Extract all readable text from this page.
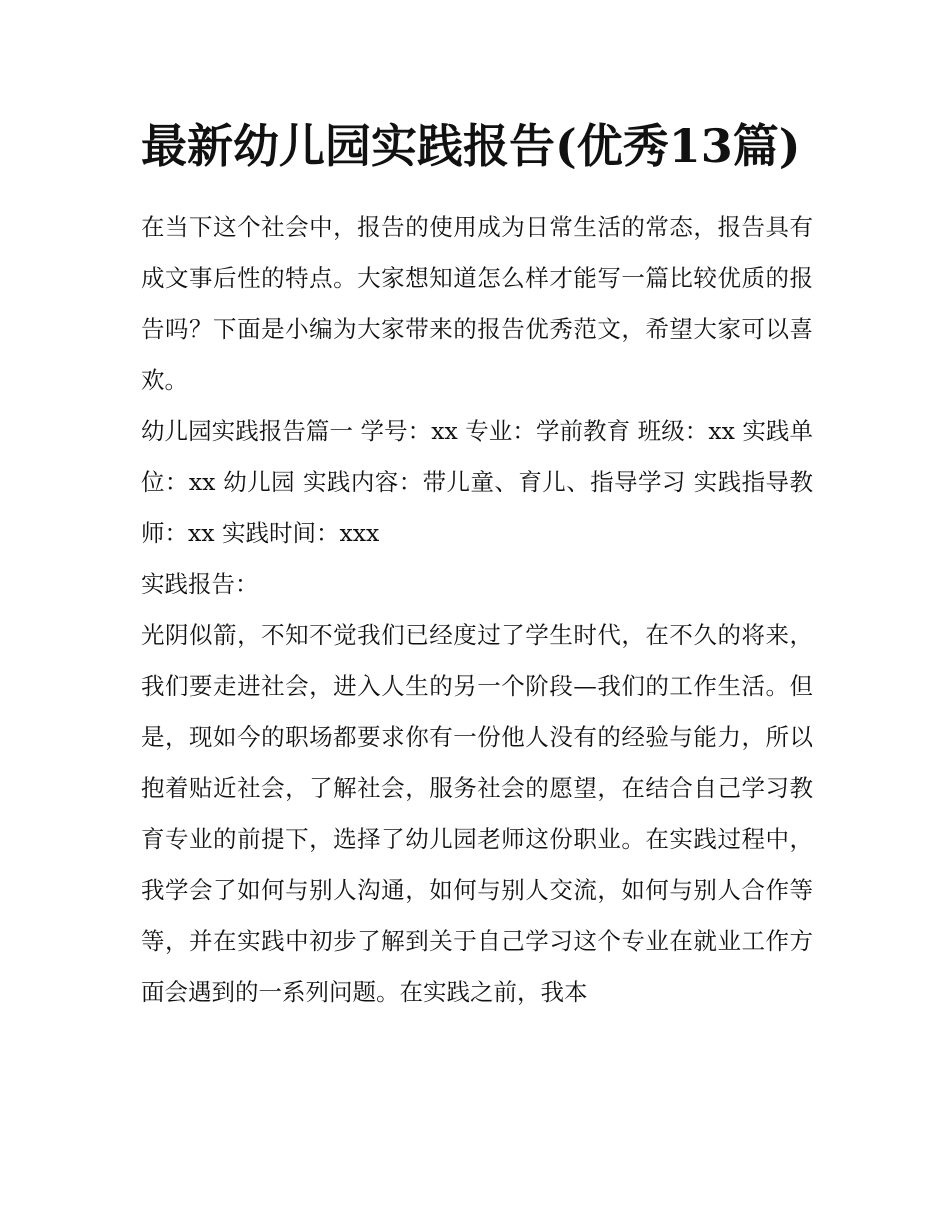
最新幼儿园实践报告(优秀13篇)

在当下这个社会中，报告的使用成为日常生活的常态，报告具有成文事后性的特点。大家想知道怎么样才能写一篇比较优质的报告吗？下面是小编为大家带来的报告优秀范文，希望大家可以喜欢。

幼儿园实践报告篇一 学号：xx 专业：学前教育 班级：xx 实践单位：xx 幼儿园 实践内容：带儿童、育儿、指导学习 实践指导教师：xx 实践时间：xxx

实践报告：

光阴似箭，不知不觉我们已经度过了学生时代，在不久的将来，我们要走进社会，进入人生的另一个阶段—我们的工作生活。但是，现如今的职场都要求你有一份他人没有的经验与能力，所以抱着贴近社会，了解社会，服务社会的愿望，在结合自己学习教育专业的前提下，选择了幼儿园老师这份职业。在实践过程中，我学会了如何与别人沟通，如何与别人交流，如何与别人合作等等，并在实践中初步了解到关于自己学习这个专业在就业工作方面会遇到的一系列问题。在实践之前，我本
